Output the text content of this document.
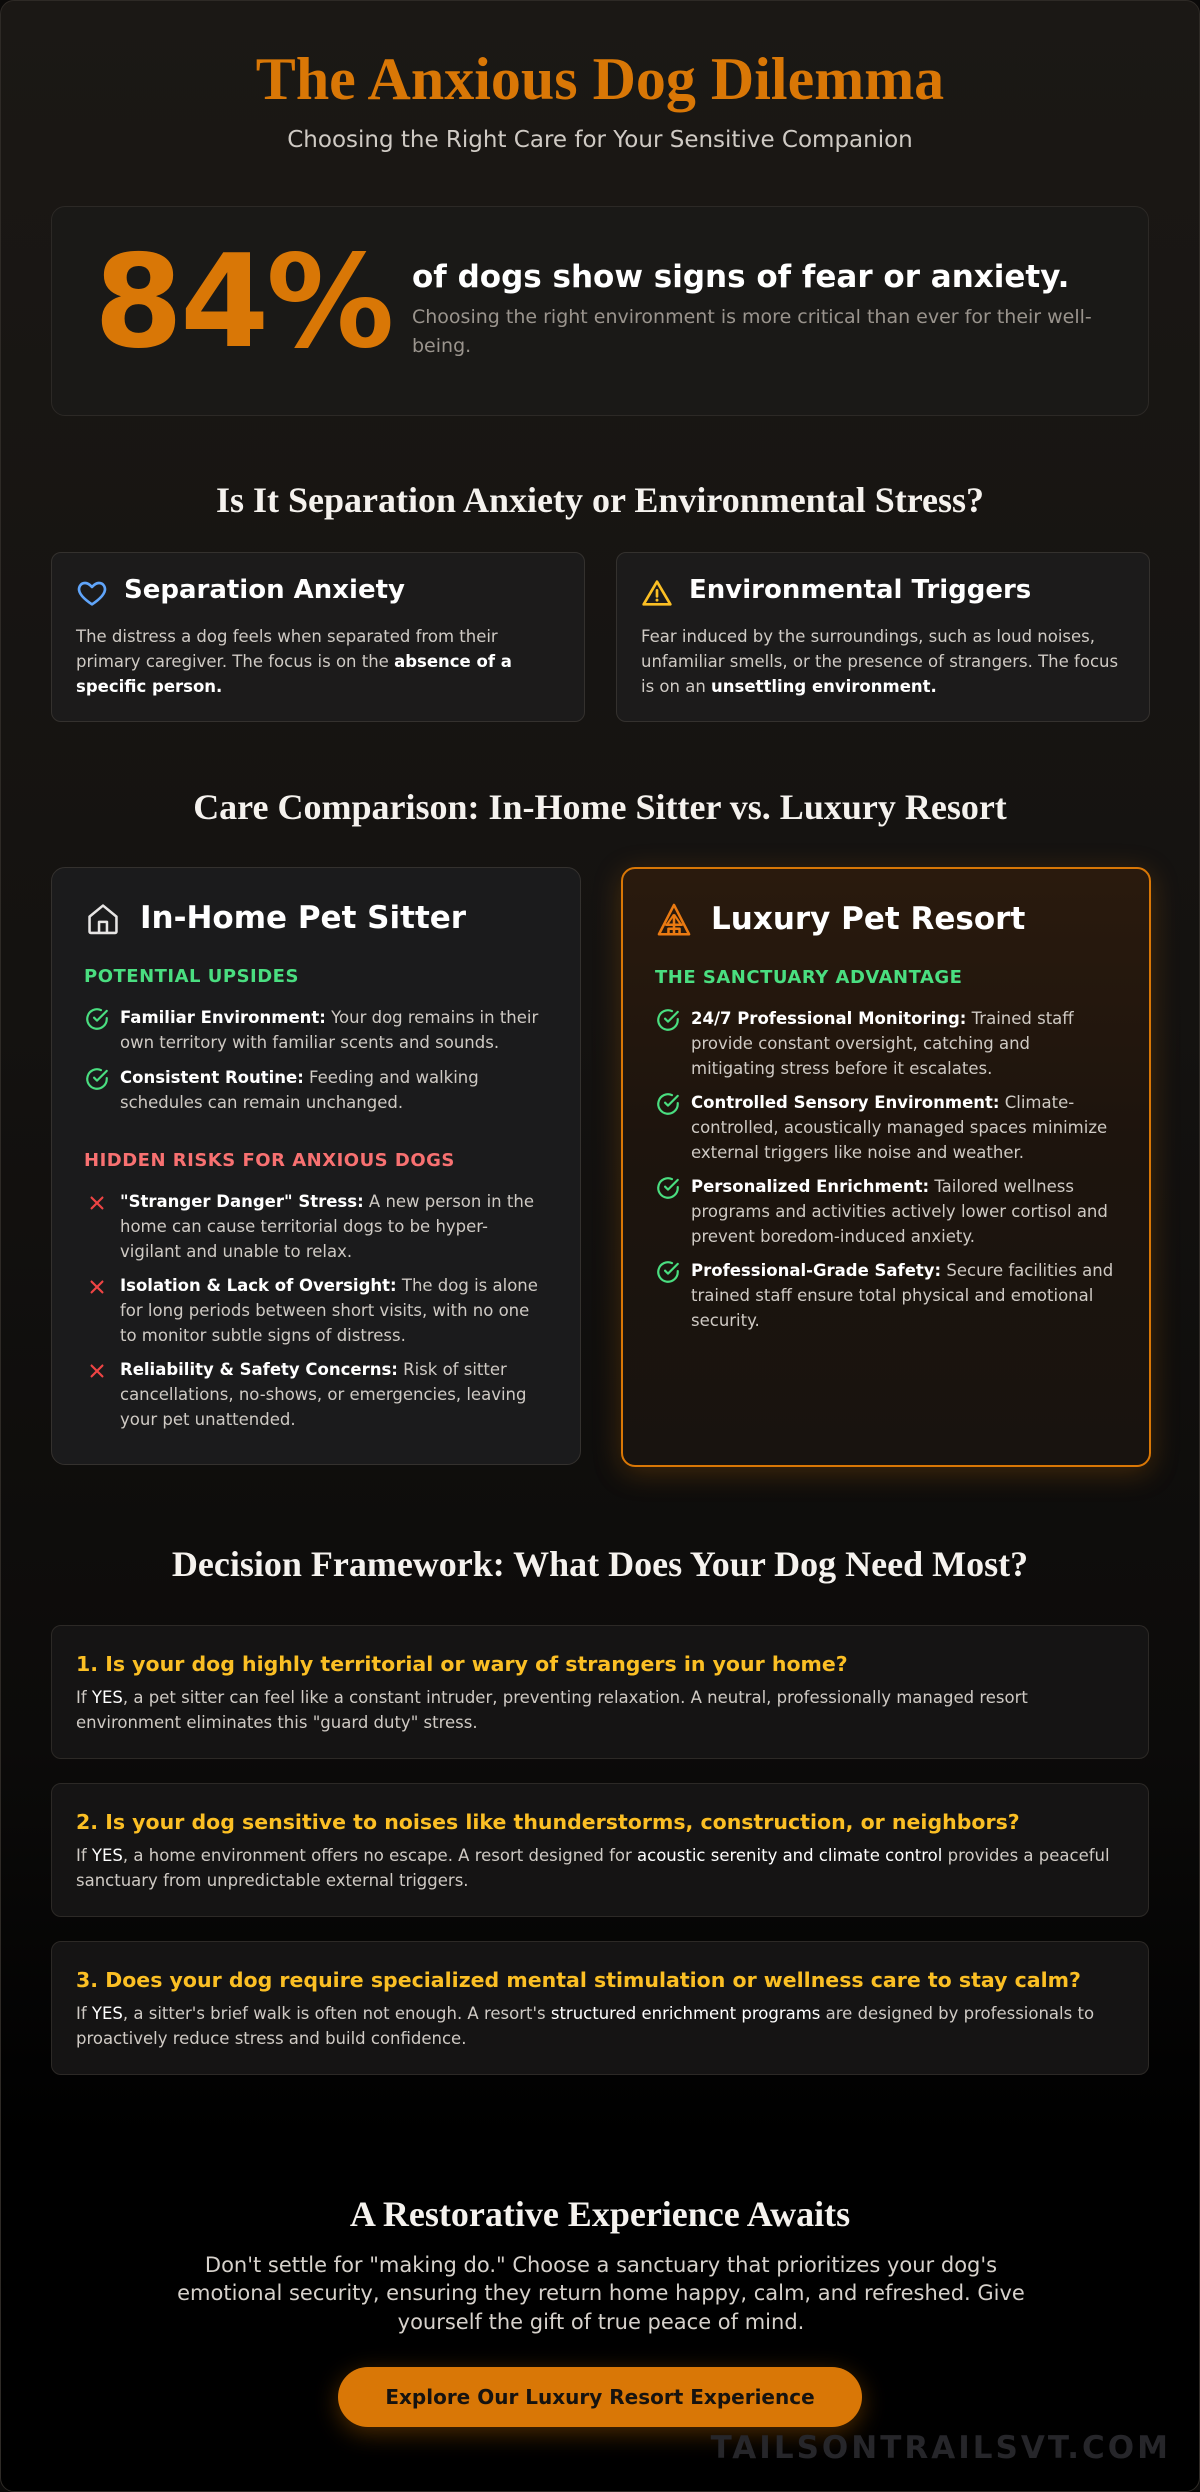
The Anxious Dog Dilemma

Choosing the Right Care for Your Sensitive Companion

84% of dogs show signs of fear or anxiety.
Choosing the right environment is more critical than ever for their well-being.
Is It Separation Anxiety or Environmental Stress?
Separation Anxiety

The distress a dog feels when separated from their primary caregiver. The focus is on the absence of a specific person.

Environmental Triggers

Fear induced by the surroundings, such as loud noises, unfamiliar smells, or the presence of strangers. The focus is on an unsettling environment.

Care Comparison: In-Home Sitter vs. Luxury Resort
In-Home Pet Sitter

POTENTIAL UPSIDES

Familiar Environment: Your dog remains in their own territory with familiar scents and sounds.

Consistent Routine: Feeding and walking schedules can remain unchanged.

HIDDEN RISKS FOR ANXIOUS DOGS

"Stranger Danger" Stress: A new person in the home can cause territorial dogs to be hyper-vigilant and unable to relax.

Isolation & Lack of Oversight: The dog is alone for long periods between short visits, with no one to monitor subtle signs of distress.

Reliability & Safety Concerns: Risk of sitter cancellations, no-shows, or emergencies, leaving your pet unattended.

Luxury Pet Resort

THE SANCTUARY ADVANTAGE

24/7 Professional Monitoring: Trained staff provide constant oversight, catching and mitigating stress before it escalates.

Controlled Sensory Environment: Climate-controlled, acoustically managed spaces minimize external triggers like noise and weather.

Personalized Enrichment: Tailored wellness programs and activities actively lower cortisol and prevent boredom-induced anxiety.

Professional-Grade Safety: Secure facilities and trained staff ensure total physical and emotional security.

Decision Framework: What Does Your Dog Need Most?
1. Is your dog highly territorial or wary of strangers in your home?

If YES, a pet sitter can feel like a constant intruder, preventing relaxation. A neutral, professionally managed resort environment eliminates this "guard duty" stress.

2. Is your dog sensitive to noises like thunderstorms, construction, or neighbors?

If YES, a home environment offers no escape. A resort designed for acoustic serenity and climate control provides a peaceful sanctuary from unpredictable external triggers.

3. Does your dog require specialized mental stimulation or wellness care to stay calm?

If YES, a sitter's brief walk is often not enough. A resort's structured enrichment programs are designed by professionals to proactively reduce stress and build confidence.

A Restorative Experience Awaits

Don't settle for "making do." Choose a sanctuary that prioritizes your dog's emotional security, ensuring they return home happy, calm, and refreshed. Give yourself the gift of true peace of mind.

Explore Our Luxury Resort Experience
TAILSONTRAILSVT.COM
